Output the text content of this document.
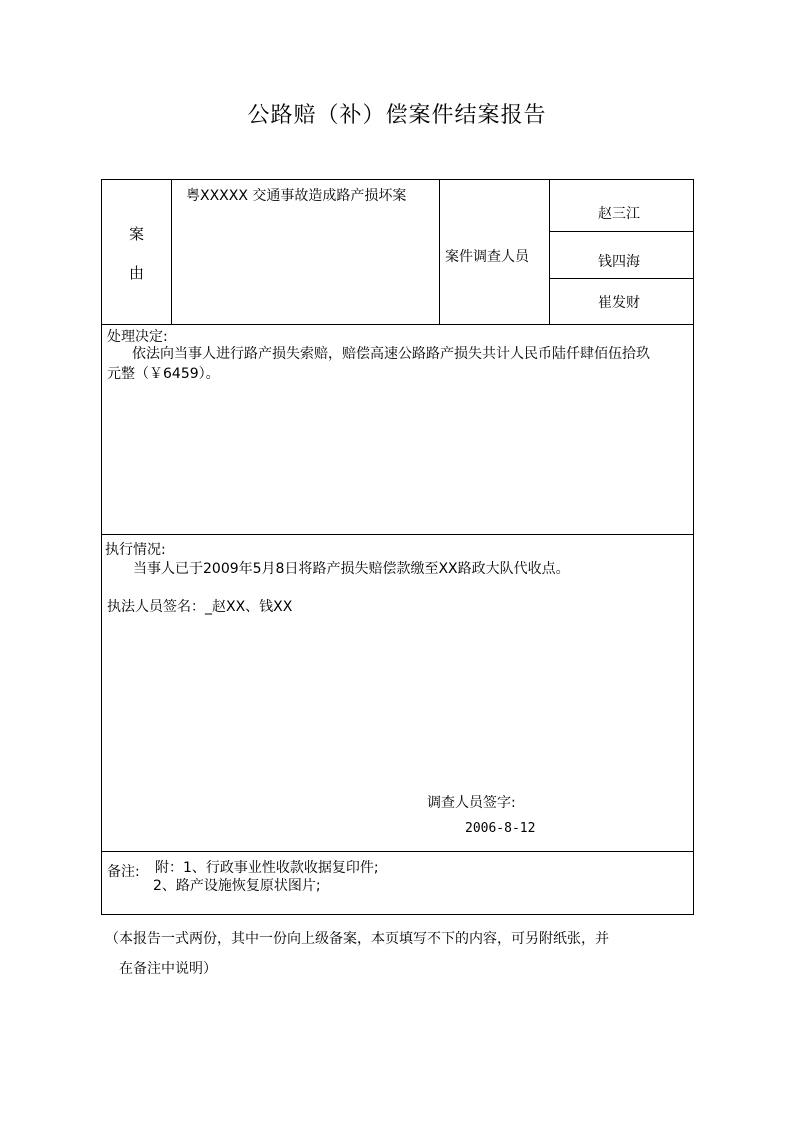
公路赔（补）偿案件结案报告
案
由
粤XXXXX 交通事故造成路产损坏案
案件调查人员
赵三江
钱四海
崔发财
处理决定:
依法向当事人进行路产损失索赔，赔偿高速公路路产损失共计人民币陆仟肆佰伍拾玖
元整（￥6459）。
执行情况:
当事人已于2009年5月8日将路产损失赔偿款缴至XX路政大队代收点。
执法人员签名：_赵XX、钱XX
调查人员签字:
2006-8-12
备注: 附：1、行政事业性收款收据复印件;
2、路产设施恢复原状图片;
（本报告一式两份，其中一份向上级备案，本页填写不下的内容，可另附纸张，并
在备注中说明）
